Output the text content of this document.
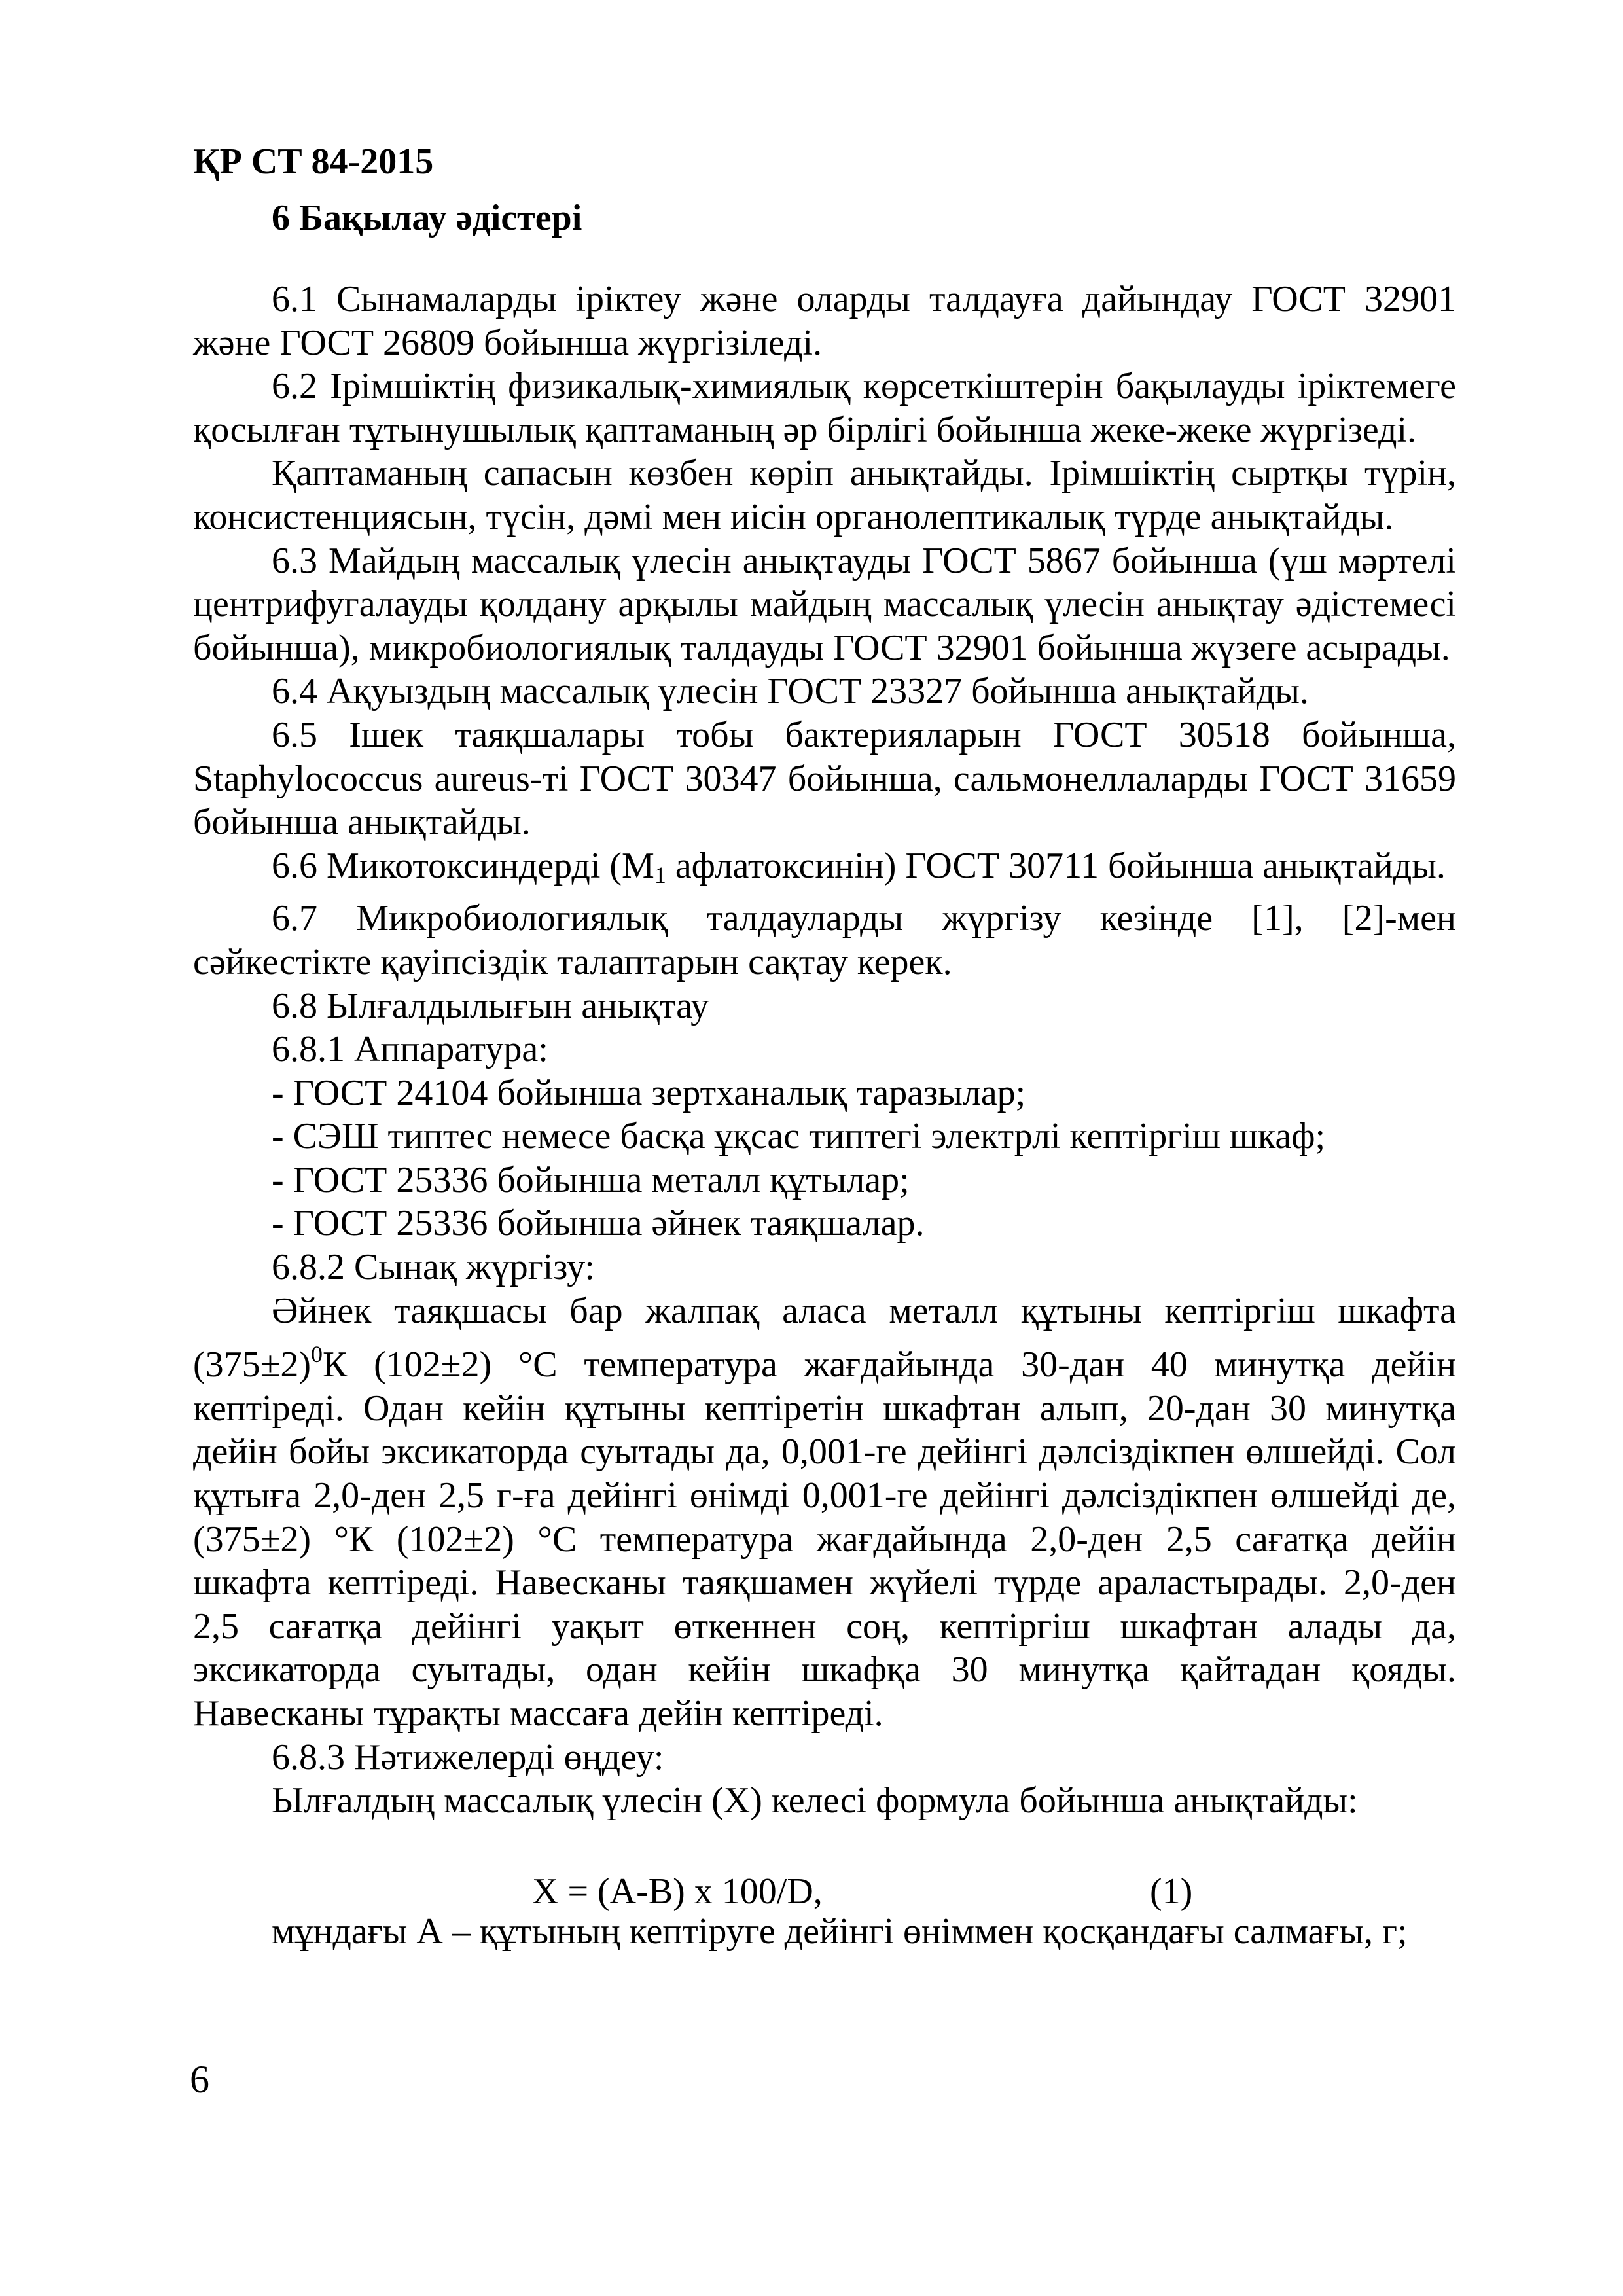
ҚР СТ 84-2015
6 Бақылау әдістері

6.1 Сынамаларды іріктеу және оларды талдауға дайындау ГОСТ 32901 және ГОСТ 26809 бойынша жүргізіледі.

6.2 Ірімшіктің физикалық-химиялық көрсеткіштерін бақылауды іріктемеге қосылған тұтынушылық қаптаманың әр бірлігі бойынша жеке-жеке жүргізеді.

Қаптаманың сапасын көзбен көріп анықтайды. Ірімшіктің сыртқы түрін, консистенциясын, түсін, дәмі мен иісін органолептикалық түрде анықтайды.

6.3 Майдың массалық үлесін анықтауды ГОСТ 5867 бойынша (үш мәртелі центрифугалауды қолдану арқылы майдың массалық үлесін анықтау әдістемесі бойынша), микробиологиялық талдауды ГОСТ 32901 бойынша жүзеге асырады.

6.4 Ақуыздың массалық үлесін ГОСТ 23327 бойынша анықтайды.

6.5 Ішек таяқшалары тобы бактерияларын ГОСТ 30518 бойынша, Staphylococcus aureus-ті ГОСТ 30347 бойынша, сальмонеллаларды ГОСТ 31659 бойынша анықтайды.

6.6 Микотоксиндерді ($М_1$ афлатоксинін) ГОСТ 30711 бойынша анықтайды.

6.7 Микробиологиялық талдауларды жүргізу кезінде [1], [2]-мен сәйкестікте қауіпсіздік талаптарын сақтау керек.

6.8 Ылғалдылығын анықтау

6.8.1 Аппаратура:

- ГОСТ 24104 бойынша зертханалық таразылар;

- СЭШ типтес немесе басқа ұқсас типтегі электрлі кептіргіш шкаф;

- ГОСТ 25336 бойынша металл құтылар;

- ГОСТ 25336 бойынша әйнек таяқшалар.

6.8.2 Сынақ жүргізу:

Әйнек таяқшасы бар жалпақ аласа металл құтыны кептіргіш шкафта $(375\pm 2)^0К$ (102±2) °С температура жағдайында 30-дан 40 минутқа дейін кептіреді. Одан кейін құтыны кептіретін шкафтан алып, 20-дан 30 минутқа дейін бойы эксикаторда суытады да, 0,001-ге дейінгі дәлсіздікпен өлшейді. Сол құтыға 2,0-ден 2,5 г-ға дейінгі өнімді 0,001-ге дейінгі дәлсіздікпен өлшейді де, (375±2) °К (102±2) °С температура жағдайында 2,0-ден 2,5 сағатқа дейін шкафта кептіреді. Навесканы таяқшамен жүйелі түрде араластырады. 2,0-ден 2,5 сағатқа дейінгі уақыт өткеннен соң, кептіргіш шкафтан алады да, эксикаторда суытады, одан кейін шкафқа 30 минутқа қайтадан қояды. Навесканы тұрақты массаға дейін кептіреді.

6.8.3 Нәтижелерді өңдеу:

Ылғалдың массалық үлесін (Х) келесі формула бойынша анықтайды:

Х = (А-В) х 100/D,	(1)

мұндағы А – құтының кептіруге дейінгі өніммен қосқандағы салмағы, г;

6
